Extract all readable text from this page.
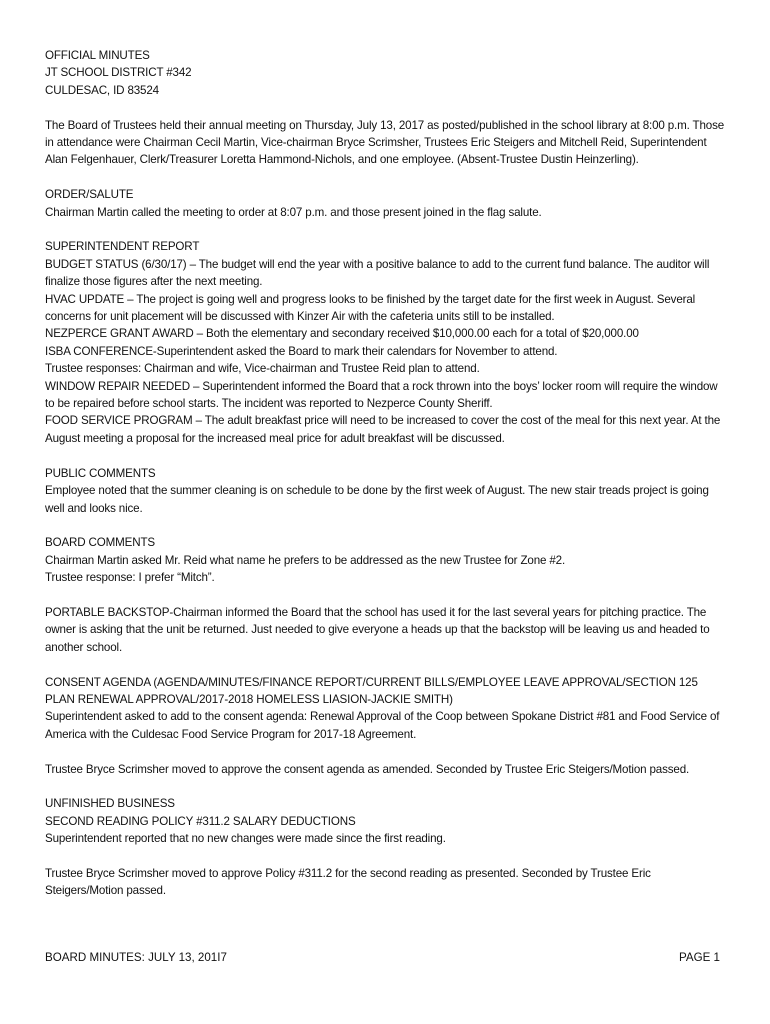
OFFICIAL MINUTES

JT SCHOOL DISTRICT #342

CULDESAC, ID 83524

The Board of Trustees held their annual meeting on Thursday, July 13, 2017 as posted/published in the school library at 8:00 p.m. Those in attendance were Chairman Cecil Martin, Vice-chairman Bryce Scrimsher, Trustees Eric Steigers and Mitchell Reid, Superintendent Alan Felgenhauer, Clerk/Treasurer Loretta Hammond-Nichols, and one employee. (Absent-Trustee Dustin Heinzerling).

ORDER/SALUTE

Chairman Martin called the meeting to order at 8:07 p.m. and those present joined in the flag salute.

SUPERINTENDENT REPORT

BUDGET STATUS (6/30/17) – The budget will end the year with a positive balance to add to the current fund balance. The auditor will finalize those figures after the next meeting.

HVAC UPDATE – The project is going well and progress looks to be finished by the target date for the first week in August. Several concerns for unit placement will be discussed with Kinzer Air with the cafeteria units still to be installed.

NEZPERCE GRANT AWARD – Both the elementary and secondary received $10,000.00 each for a total of $20,000.00

ISBA CONFERENCE-Superintendent asked the Board to mark their calendars for November to attend.

Trustee responses: Chairman and wife, Vice-chairman and Trustee Reid plan to attend.

WINDOW REPAIR NEEDED – Superintendent informed the Board that a rock thrown into the boys’ locker room will require the window to be repaired before school starts. The incident was reported to Nezperce County Sheriff.

FOOD SERVICE PROGRAM – The adult breakfast price will need to be increased to cover the cost of the meal for this next year. At the August meeting a proposal for the increased meal price for adult breakfast will be discussed.

PUBLIC COMMENTS

Employee noted that the summer cleaning is on schedule to be done by the first week of August. The new stair treads project is going well and looks nice.

BOARD COMMENTS

Chairman Martin asked Mr. Reid what name he prefers to be addressed as the new Trustee for Zone #2.

Trustee response: I prefer “Mitch”.

PORTABLE BACKSTOP-Chairman informed the Board that the school has used it for the last several years for pitching practice. The owner is asking that the unit be returned. Just needed to give everyone a heads up that the backstop will be leaving us and headed to another school.

CONSENT AGENDA (AGENDA/MINUTES/FINANCE REPORT/CURRENT BILLS/EMPLOYEE LEAVE APPROVAL/SECTION 125 PLAN RENEWAL APPROVAL/2017-2018 HOMELESS LIASION-JACKIE SMITH)

Superintendent asked to add to the consent agenda: Renewal Approval of the Coop between Spokane District #81 and Food Service of America with the Culdesac Food Service Program for 2017-18 Agreement.

Trustee Bryce Scrimsher moved to approve the consent agenda as amended. Seconded by Trustee Eric Steigers/Motion passed.

UNFINISHED BUSINESS

SECOND READING POLICY #311.2 SALARY DEDUCTIONS

Superintendent reported that no new changes were made since the first reading.

Trustee Bryce Scrimsher moved to approve Policy #311.2 for the second reading as presented. Seconded by Trustee Eric Steigers/Motion passed.

BOARD MINUTES: JULY 13, 201I7	PAGE 1
